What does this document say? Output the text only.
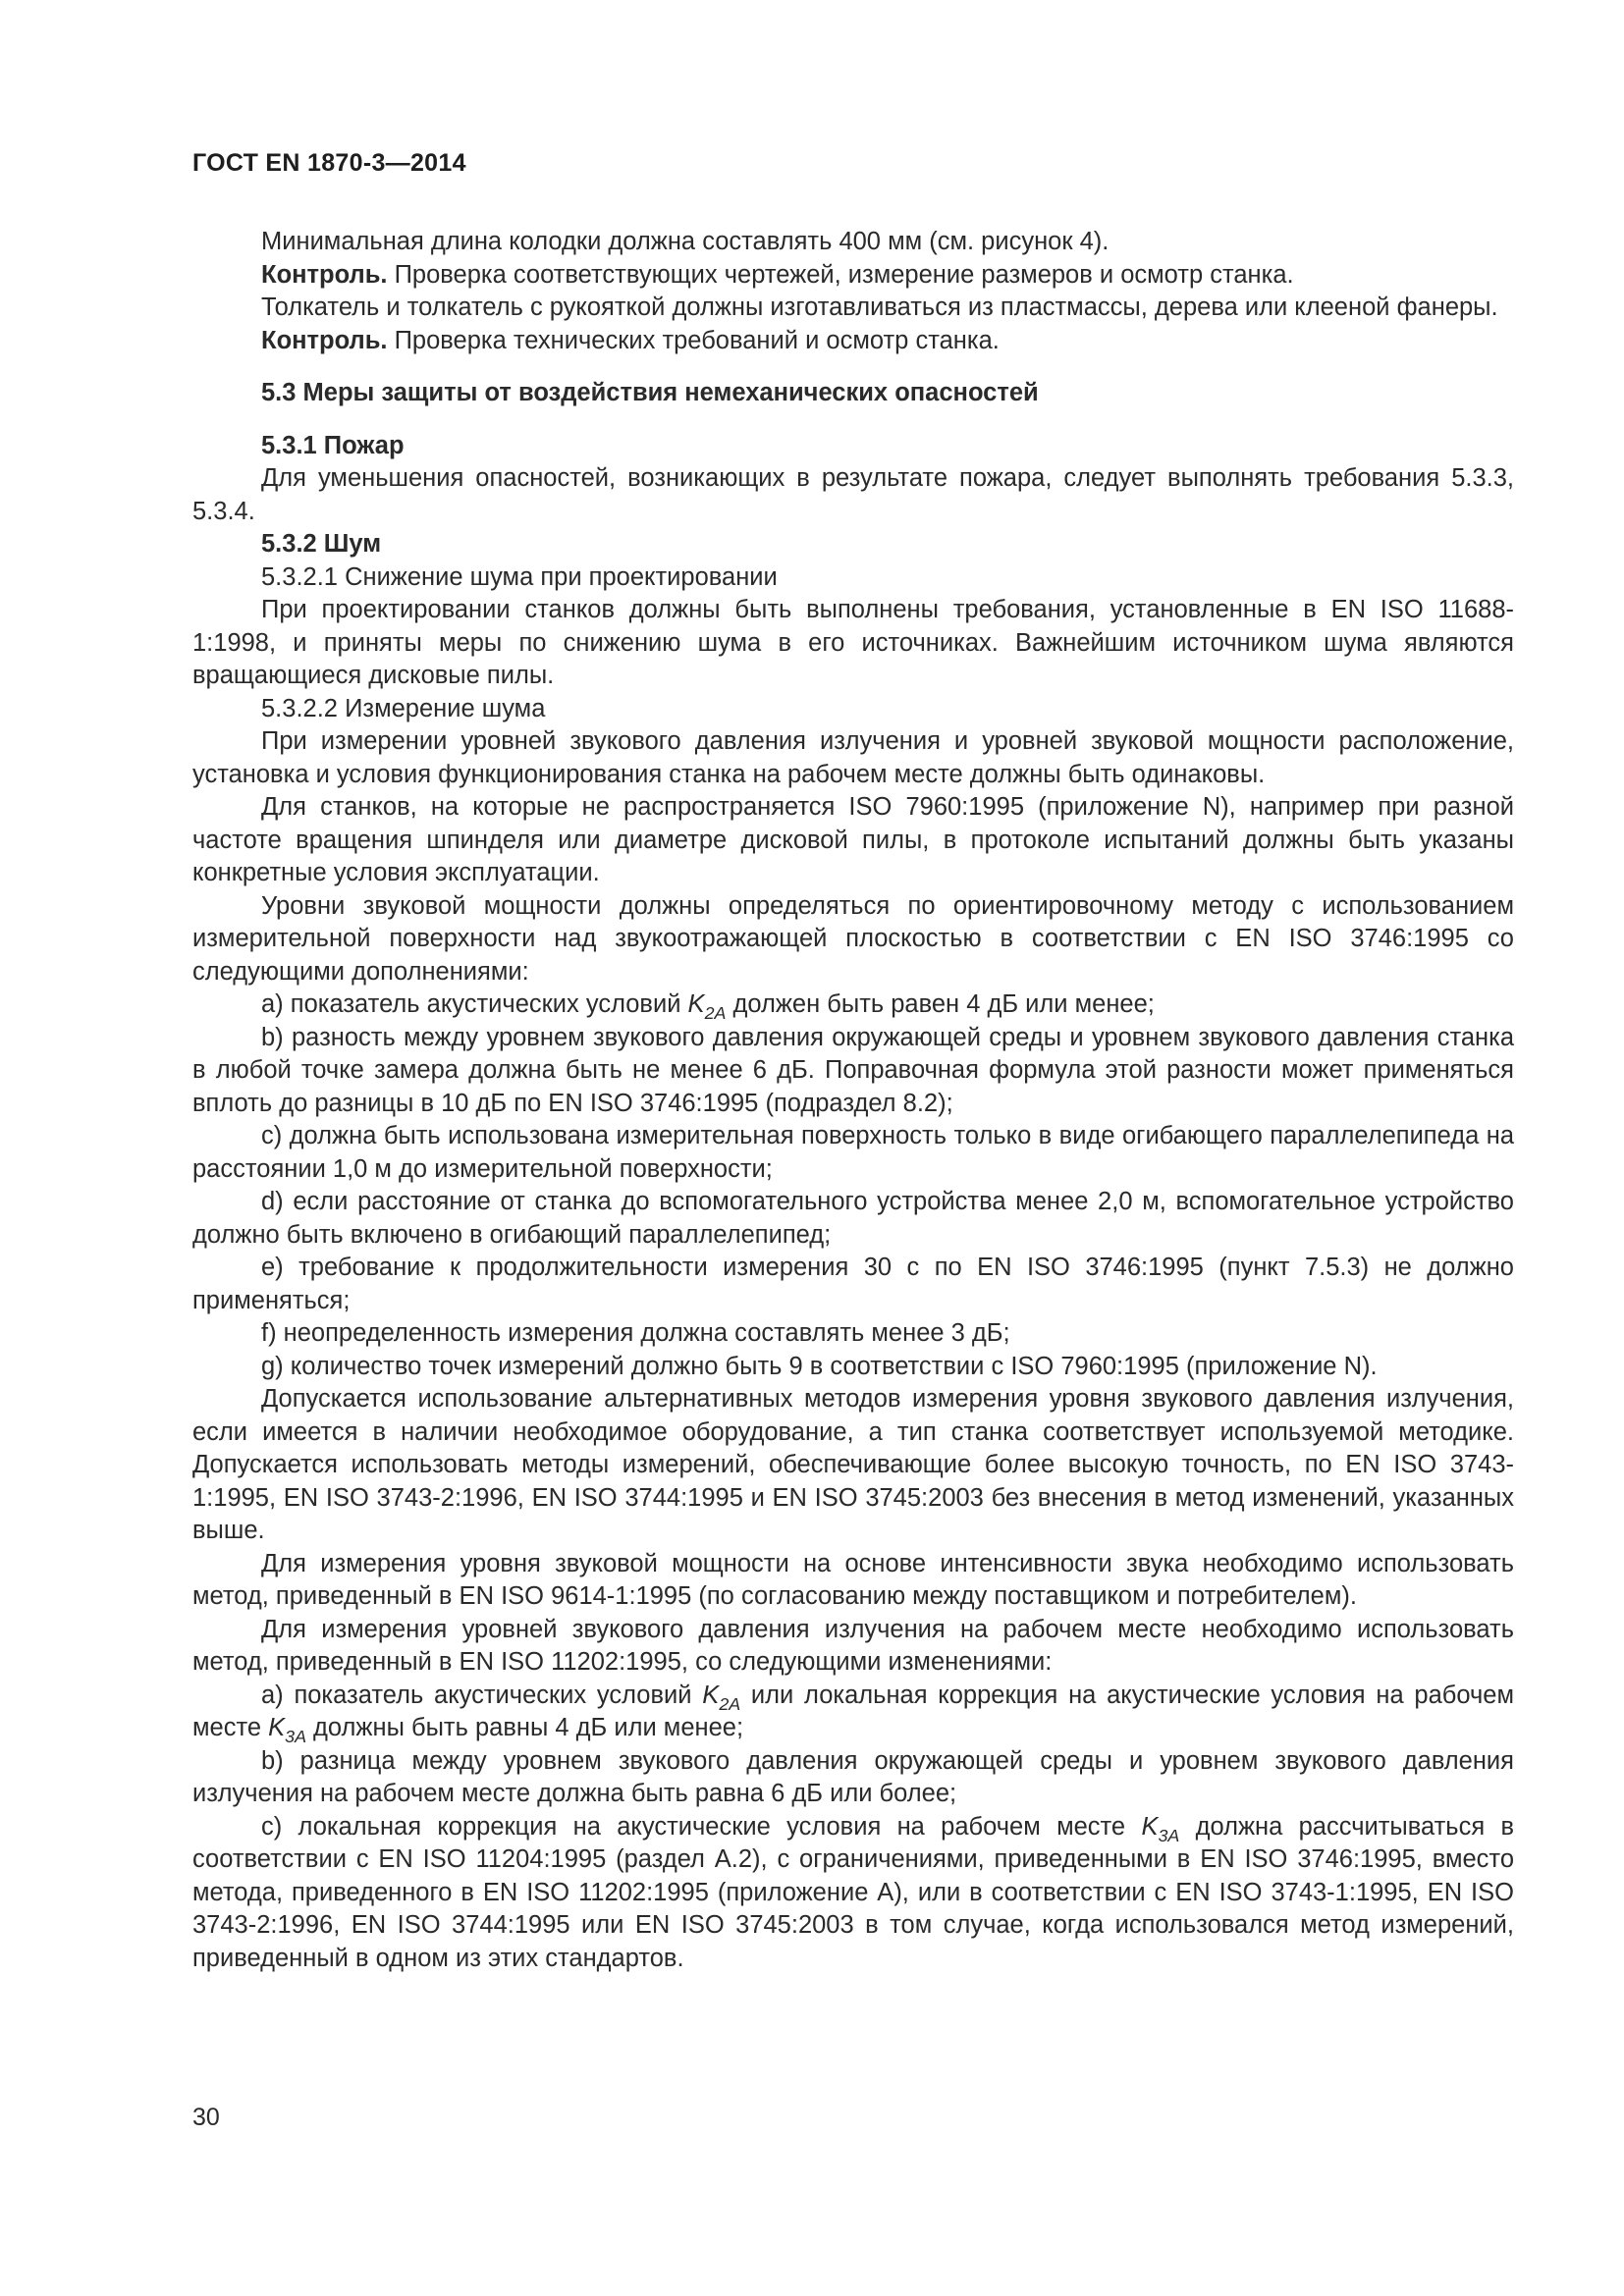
ГОСТ EN 1870-3—2014

Минимальная длина колодки должна составлять 400 мм (см. рисунок 4).

Контроль. Проверка соответствующих чертежей, измерение размеров и осмотр станка.

Толкатель и толкатель с рукояткой должны изготавливаться из пластмассы, дерева или клееной фанеры.

Контроль. Проверка технических требований и осмотр станка.

5.3 Меры защиты от воздействия немеханических опасностей

5.3.1 Пожар

Для уменьшения опасностей, возникающих в результате пожара, следует выполнять требования 5.3.3, 5.3.4.

5.3.2 Шум

5.3.2.1 Снижение шума при проектировании

При проектировании станков должны быть выполнены требования, установленные в EN ISO 11688-1:1998, и приняты меры по снижению шума в его источниках. Важнейшим источником шума являются вращающиеся дисковые пилы.

5.3.2.2 Измерение шума

При измерении уровней звукового давления излучения и уровней звуковой мощности расположение, установка и условия функционирования станка на рабочем месте должны быть одинаковы.

Для станков, на которые не распространяется ISO 7960:1995 (приложение N), например при разной частоте вращения шпинделя или диаметре дисковой пилы, в протоколе испытаний должны быть указаны конкретные условия эксплуатации.

Уровни звуковой мощности должны определяться по ориентировочному методу с использованием измерительной поверхности над звукоотражающей плоскостью в соответствии с EN ISO 3746:1995 со следующими дополнениями:

а) показатель акустических условий $K_{2A}$ должен быть равен 4 дБ или менее;

b) разность между уровнем звукового давления окружающей среды и уровнем звукового давления станка в любой точке замера должна быть не менее 6 дБ. Поправочная формула этой разности может применяться вплоть до разницы в 10 дБ по EN ISO 3746:1995 (подраздел 8.2);

с) должна быть использована измерительная поверхность только в виде огибающего параллелепипеда на расстоянии 1,0 м до измерительной поверхности;

d) если расстояние от станка до вспомогательного устройства менее 2,0 м, вспомогательное устройство должно быть включено в огибающий параллелепипед;

е) требование к продолжительности измерения 30 с по EN ISO 3746:1995 (пункт 7.5.3) не должно применяться;

f) неопределенность измерения должна составлять менее 3 дБ;

g) количество точек измерений должно быть 9 в соответствии с ISO 7960:1995 (приложение N).

Допускается использование альтернативных методов измерения уровня звукового давления излучения, если имеется в наличии необходимое оборудование, а тип станка соответствует используемой методике. Допускается использовать методы измерений, обеспечивающие более высокую точность, по EN ISO 3743-1:1995, EN ISO 3743-2:1996, EN ISO 3744:1995 и EN ISO 3745:2003 без внесения в метод изменений, указанных выше.

Для измерения уровня звуковой мощности на основе интенсивности звука необходимо использовать метод, приведенный в EN ISO 9614-1:1995 (по согласованию между поставщиком и потребителем).

Для измерения уровней звукового давления излучения на рабочем месте необходимо использовать метод, приведенный в EN ISO 11202:1995, со следующими изменениями:

а) показатель акустических условий $K_{2A}$ или локальная коррекция на акустические условия на рабочем месте $K_{3A}$ должны быть равны 4 дБ или менее;

b) разница между уровнем звукового давления окружающей среды и уровнем звукового давления излучения на рабочем месте должна быть равна 6 дБ или более;

с) локальная коррекция на акустические условия на рабочем месте $K_{3A}$ должна рассчитываться в соответствии с EN ISO 11204:1995 (раздел А.2), с ограничениями, приведенными в EN ISO 3746:1995, вместо метода, приведенного в EN ISO 11202:1995 (приложение А), или в соответствии с EN ISO 3743-1:1995, EN ISO 3743-2:1996, EN ISO 3744:1995 или EN ISO 3745:2003 в том случае, когда использовался метод измерений, приведенный в одном из этих стандартов.

30
